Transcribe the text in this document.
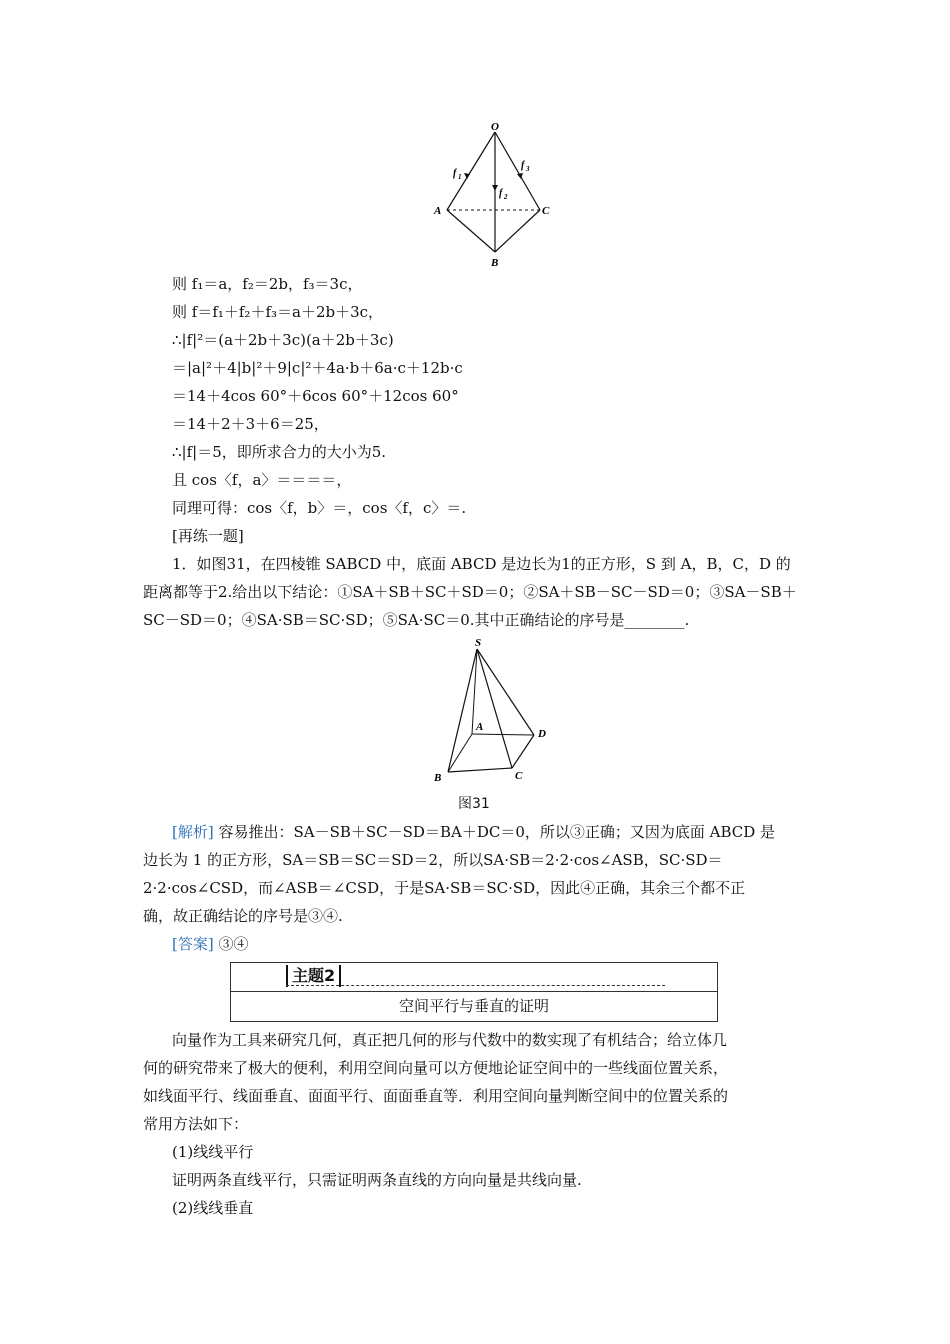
O
A
B
C
f 1
f 2
f 3
则 f₁＝a，f₂＝2b，f₃＝3c，
则 f＝f₁＋f₂＋f₃＝a＋2b＋3c，
∴|f|²＝(a＋2b＋3c)(a＋2b＋3c)
＝|a|²＋4|b|²＋9|c|²＋4a·b＋6a·c＋12b·c
＝14＋4cos 60°＋6cos 60°＋12cos 60°
＝14＋2＋3＋6＝25，
∴|f|＝5，即所求合力的大小为5.
且 cos〈f，a〉＝＝＝＝，
同理可得：cos〈f，b〉＝，cos〈f，c〉＝.
[再练一题]
1．如图31，在四棱锥 SABCD 中，底面 ABCD 是边长为1的正方形，S 到 A，B，C，D 的
距离都等于2.给出以下结论：①SA＋SB＋SC＋SD＝0；②SA＋SB－SC－SD＝0；③SA－SB＋
SC－SD＝0；④SA·SB＝SC·SD；⑤SA·SC＝0.其中正确结论的序号是________.
S
A
B	C
D
图31
[解析] 容易推出：SA－SB＋SC－SD＝BA＋DC＝0，所以③正确；又因为底面 ABCD 是
边长为 1 的正方形，SA＝SB＝SC＝SD＝2，所以SA·SB＝2·2·cos∠ASB，SC·SD＝
2·2·cos∠CSD，而∠ASB＝∠CSD，于是SA·SB＝SC·SD，因此④正确，其余三个都不正
确，故正确结论的序号是③④.
[答案] ③④
主题2
空间平行与垂直的证明
向量作为工具来研究几何，真正把几何的形与代数中的数实现了有机结合；给立体几
何的研究带来了极大的便利，利用空间向量可以方便地论证空间中的一些线面位置关系，
如线面平行、线面垂直、面面平行、面面垂直等．利用空间向量判断空间中的位置关系的
常用方法如下：
(1)线线平行
证明两条直线平行，只需证明两条直线的方向向量是共线向量.
(2)线线垂直
